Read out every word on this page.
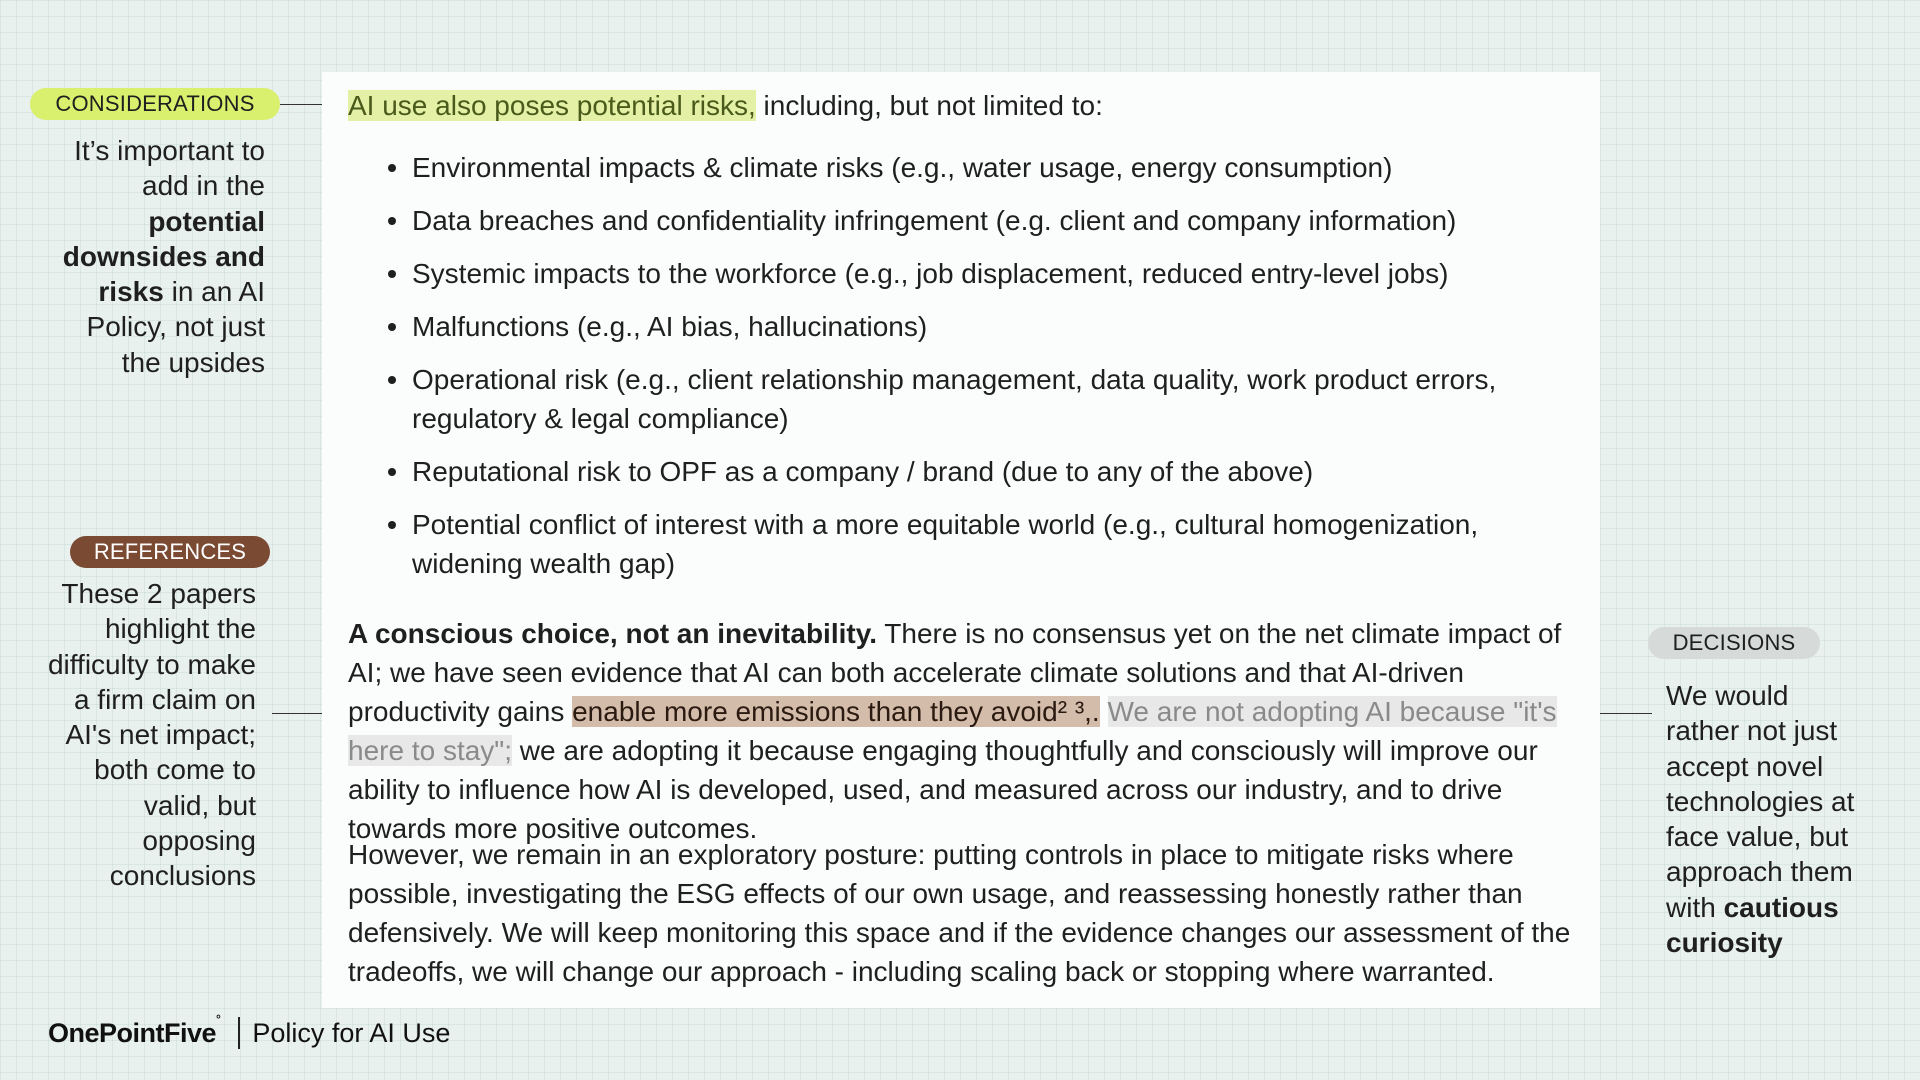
CONSIDERATIONS
It’s important to add in the potential downsides and risks in an AI Policy, not just the upsides
REFERENCES
These 2 papers highlight the difficulty to make a firm claim on AI's net impact; both come to valid, but opposing conclusions
DECISIONS
We would rather not just accept novel technologies at face value, but approach them with cautious curiosity
AI use also poses potential risks, including, but not limited to:
Environmental impacts & climate risks (e.g., water usage, energy consumption)
Data breaches and confidentiality infringement (e.g. client and company information)
Systemic impacts to the workforce (e.g., job displacement, reduced entry-level jobs)
Malfunctions (e.g., AI bias, hallucinations)
Operational risk (e.g., client relationship management, data quality, work product errors, regulatory & legal compliance)
Reputational risk to OPF as a company / brand (due to any of the above)
Potential conflict of interest with a more equitable world (e.g., cultural homogenization, widening wealth gap)
A conscious choice, not an inevitability. There is no consensus yet on the net climate impact of AI; we have seen evidence that AI can both accelerate climate solutions and that AI-driven productivity gains enable more emissions than they avoid² ³,. We are not adopting AI because "it's here to stay"; we are adopting it because engaging thoughtfully and consciously will improve our ability to influence how AI is developed, used, and measured across our industry, and to drive towards more positive outcomes.
However, we remain in an exploratory posture: putting controls in place to mitigate risks where possible, investigating the ESG effects of our own usage, and reassessing honestly rather than defensively. We will keep monitoring this space and if the evidence changes our assessment of the tradeoffs, we will change our approach - including scaling back or stopping where warranted.
OnePointFive° Policy for AI Use
